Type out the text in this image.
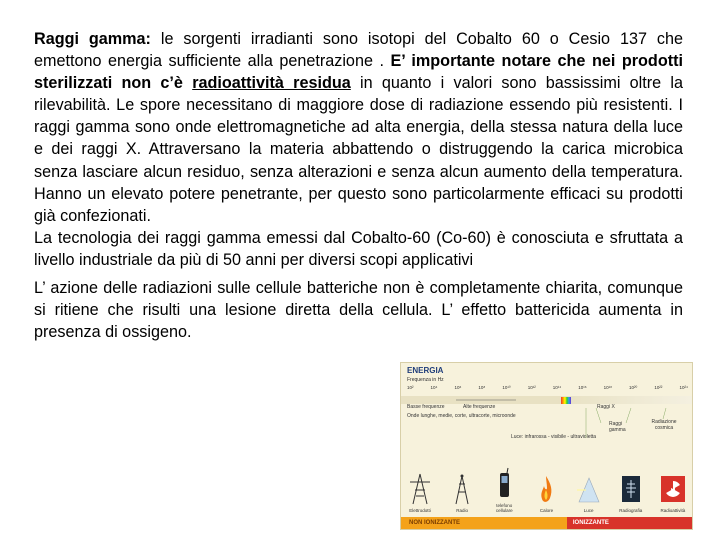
Raggi gamma: le sorgenti irradianti sono isotopi del Cobalto 60 o Cesio 137 che emettono energia sufficiente alla penetrazione . E’ importante notare che nei prodotti sterilizzati non c’è radioattività residua in quanto i valori sono bassissimi oltre la rilevabilità. Le spore necessitano di maggiore dose di radiazione essendo più resistenti. I raggi gamma sono onde elettromagnetiche ad alta energia, della stessa natura della luce e dei raggi X. Attraversano la materia abbattendo o distruggendo la carica microbica senza lasciare alcun residuo, senza alterazioni e senza alcun aumento della temperatura. Hanno un elevato potere penetrante, per questo sono particolarmente efficaci su prodotti già confezionati.
La tecnologia dei raggi gamma emessi dal Cobalto-60 (Co-60) è conosciuta e sfruttata a livello industriale da più di 50 anni per diversi scopi applicativi

L’ azione delle radiazioni sulle cellule batteriche non è completamente chiarita, comunque si ritiene che risulti una lesione diretta della cellula. L’ effetto battericida aumenta in presenza di ossigeno.

ENERGIA
Frequenza in Hz
10²	10⁴	10⁶	10⁸	10¹⁰	10¹²	10¹⁴	10¹⁶	10¹⁸	10²⁰	10²²	10²⁴
Basse frequenze	Alte frequenze
Onde lunghe, medie, corte, ultracorte, microonde
Luce: infrarossa - visibile - ultravioletta
Raggi X
Raggi gamma
Radiazione cosmica
Elettrodotti	Radio
telefono cellulare	Calore	Luce	Radiografia	Radioattività
NON IONIZZANTE	IONIZZANTE
